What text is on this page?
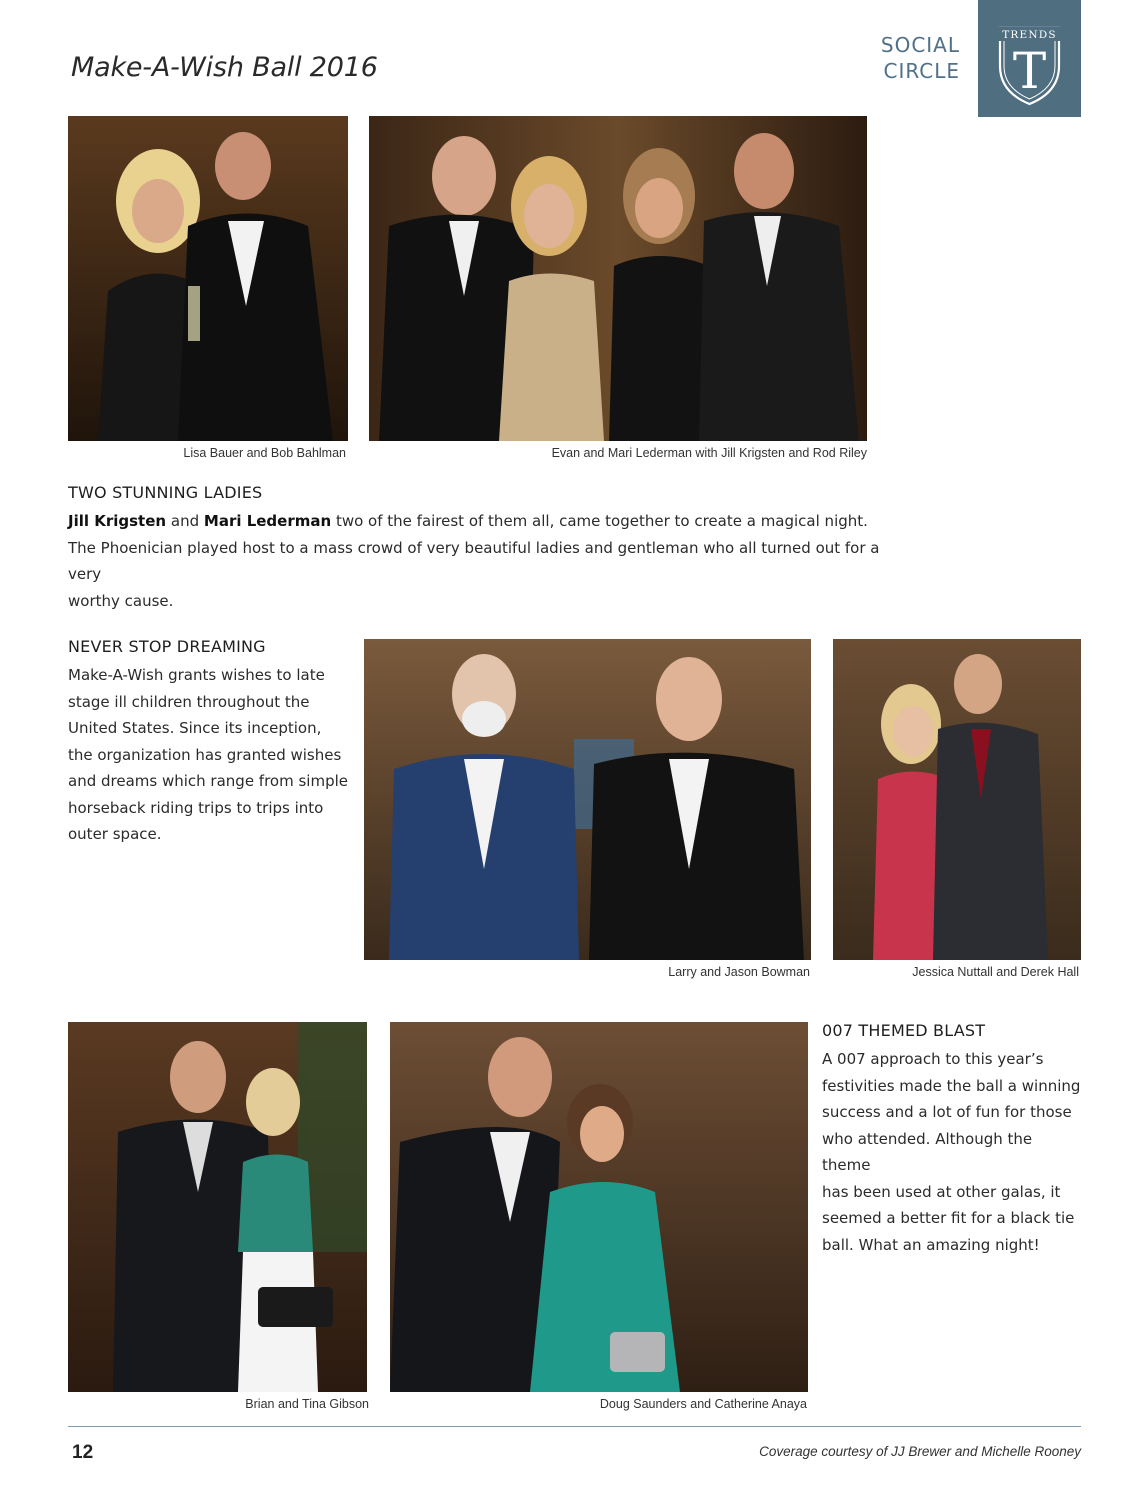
Make-A-Wish Ball 2016
SOCIAL
CIRCLE
TRENDS
T
Lisa Bauer and Bob Bahlman	Evan and Mari Lederman with Jill Krigsten and Rod Riley
TWO STUNNING LADIES
Jill Krigsten and Mari Lederman two of the fairest of them all, came together to create a magical night.
The Phoenician played host to a mass crowd of very beautiful ladies and gentleman who all turned out for a very
worthy cause.
NEVER STOP DREAMING
Make-A-Wish grants wishes to late
stage ill children throughout the
United States. Since its inception,
the organization has granted wishes
and dreams which range from simple
horseback riding trips to trips into
outer space.
Larry and Jason Bowman	Jessica Nuttall and Derek Hall
Brian and Tina Gibson	Doug Saunders and Catherine Anaya
007 THEMED BLAST
A 007 approach to this year’s
festivities made the ball a winning
success and a lot of fun for those
who attended. Although the theme
has been used at other galas, it
seemed a better fit for a black tie
ball. What an amazing night!
12	Coverage courtesy of JJ Brewer and Michelle Rooney
